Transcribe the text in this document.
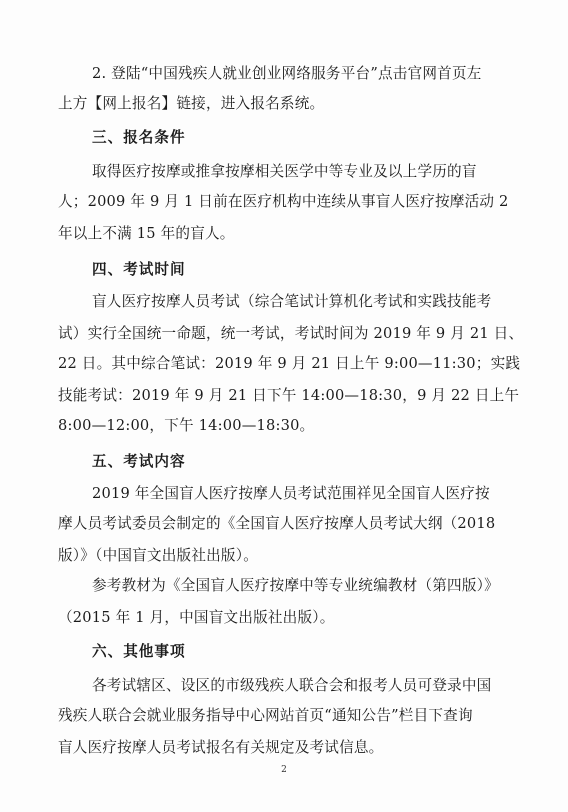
2. 登陆“中国残疾人就业创业网络服务平台”点击官网首页左
上方【网上报名】链接，进入报名系统。
三、报名条件
取得医疗按摩或推拿按摩相关医学中等专业及以上学历的盲
人；2009 年 9 月 1 日前在医疗机构中连续从事盲人医疗按摩活动 2
年以上不满 15 年的盲人。
四、考试时间
盲人医疗按摩人员考试（综合笔试计算机化考试和实践技能考
试）实行全国统一命题，统一考试，考试时间为 2019 年 9 月 21 日、
22 日。其中综合笔试：2019 年 9 月 21 日上午 9:00—11:30；实践
技能考试：2019 年 9 月 21 日下午 14:00—18:30，9 月 22 日上午
8:00—12:00，下午 14:00—18:30。
五、考试内容
2019 年全国盲人医疗按摩人员考试范围祥见全国盲人医疗按
摩人员考试委员会制定的《全国盲人医疗按摩人员考试大纲（2018
版）》（中国盲文出版社出版）。
参考教材为《全国盲人医疗按摩中等专业统编教材（第四版）》
（2015 年 1 月，中国盲文出版社出版）。
六、其他事项
各考试辖区、设区的市级残疾人联合会和报考人员可登录中国
残疾人联合会就业服务指导中心网站首页“通知公告”栏目下查询
盲人医疗按摩人员考试报名有关规定及考试信息。
2
